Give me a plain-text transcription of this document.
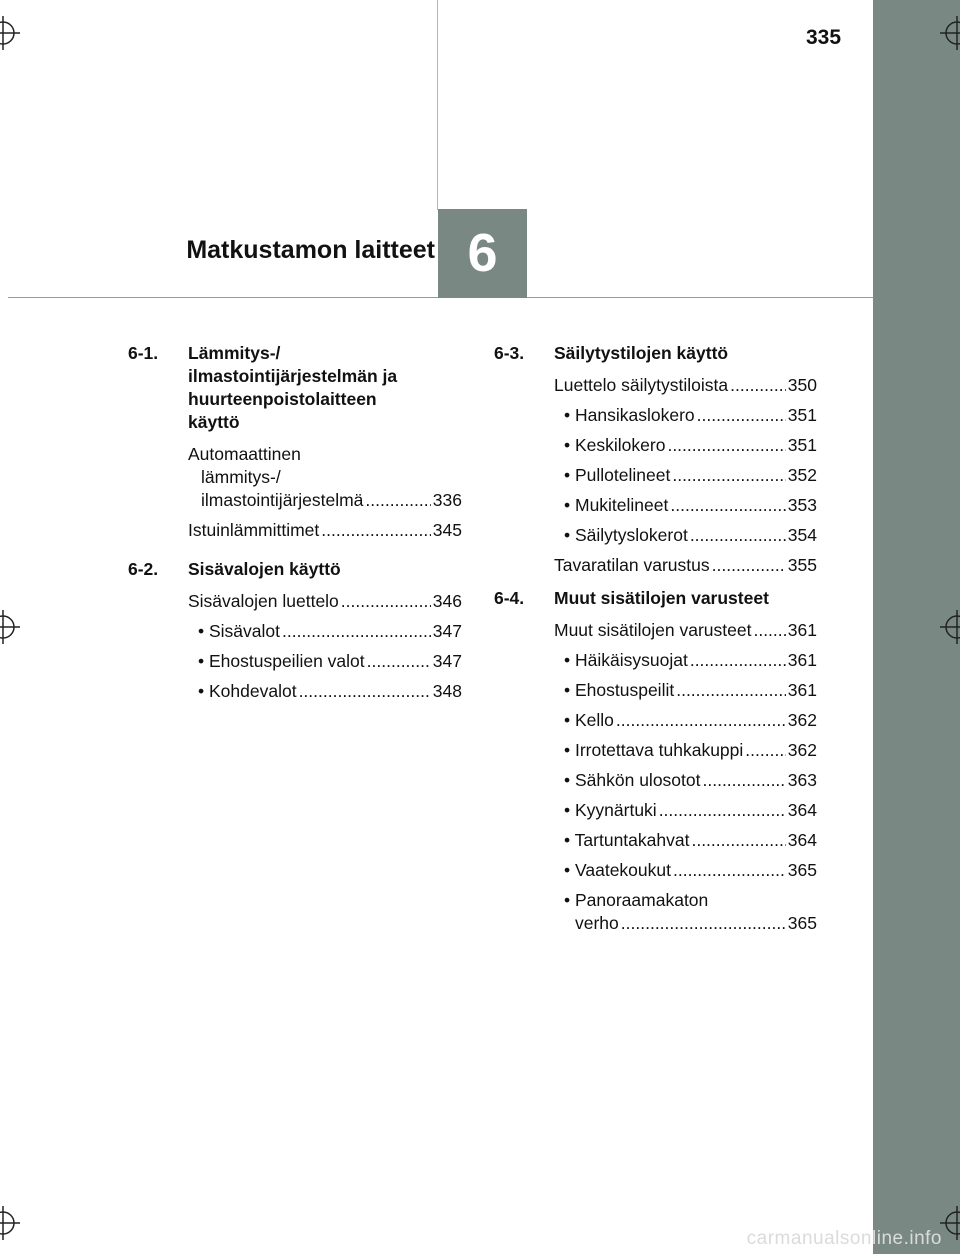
335
6
Matkustamon laitteet
6-1. Lämmitys-/
ilmastointijärjestelmän ja
huurteenpoistolaitteen
käyttö
Automaattinen
lämmitys-/
ilmastointijärjestelmä .....	336
Istuinlämmittimet .....	345
6-2. Sisävalojen käyttö
Sisävalojen luettelo .....	346
• Sisävalot .....	347
• Ehostuspeilien valot .....	347
• Kohdevalot .....	348
6-3. Säilytystilojen käyttö
Luettelo säilytystiloista .....	350
• Hansikaslokero .....	351
• Keskilokero .....	351
• Pullotelineet .....	352
• Mukitelineet .....	353
• Säilytyslokerot .....	354
Tavaratilan varustus .....	355
6-4. Muut sisätilojen varusteet
Muut sisätilojen varusteet ..... 361
• Häikäisysuojat .....	361
• Ehostuspeilit .....	361
• Kello .....	362
• Irrotettava tuhkakuppi .....	362
• Sähkön ulosotot .....	363
• Kyynärtuki .....	364
• Tartuntakahvat .....	364
• Vaatekoukut .....	365
• Panoraamakaton
verho .....	365
carmanualsonline.info
